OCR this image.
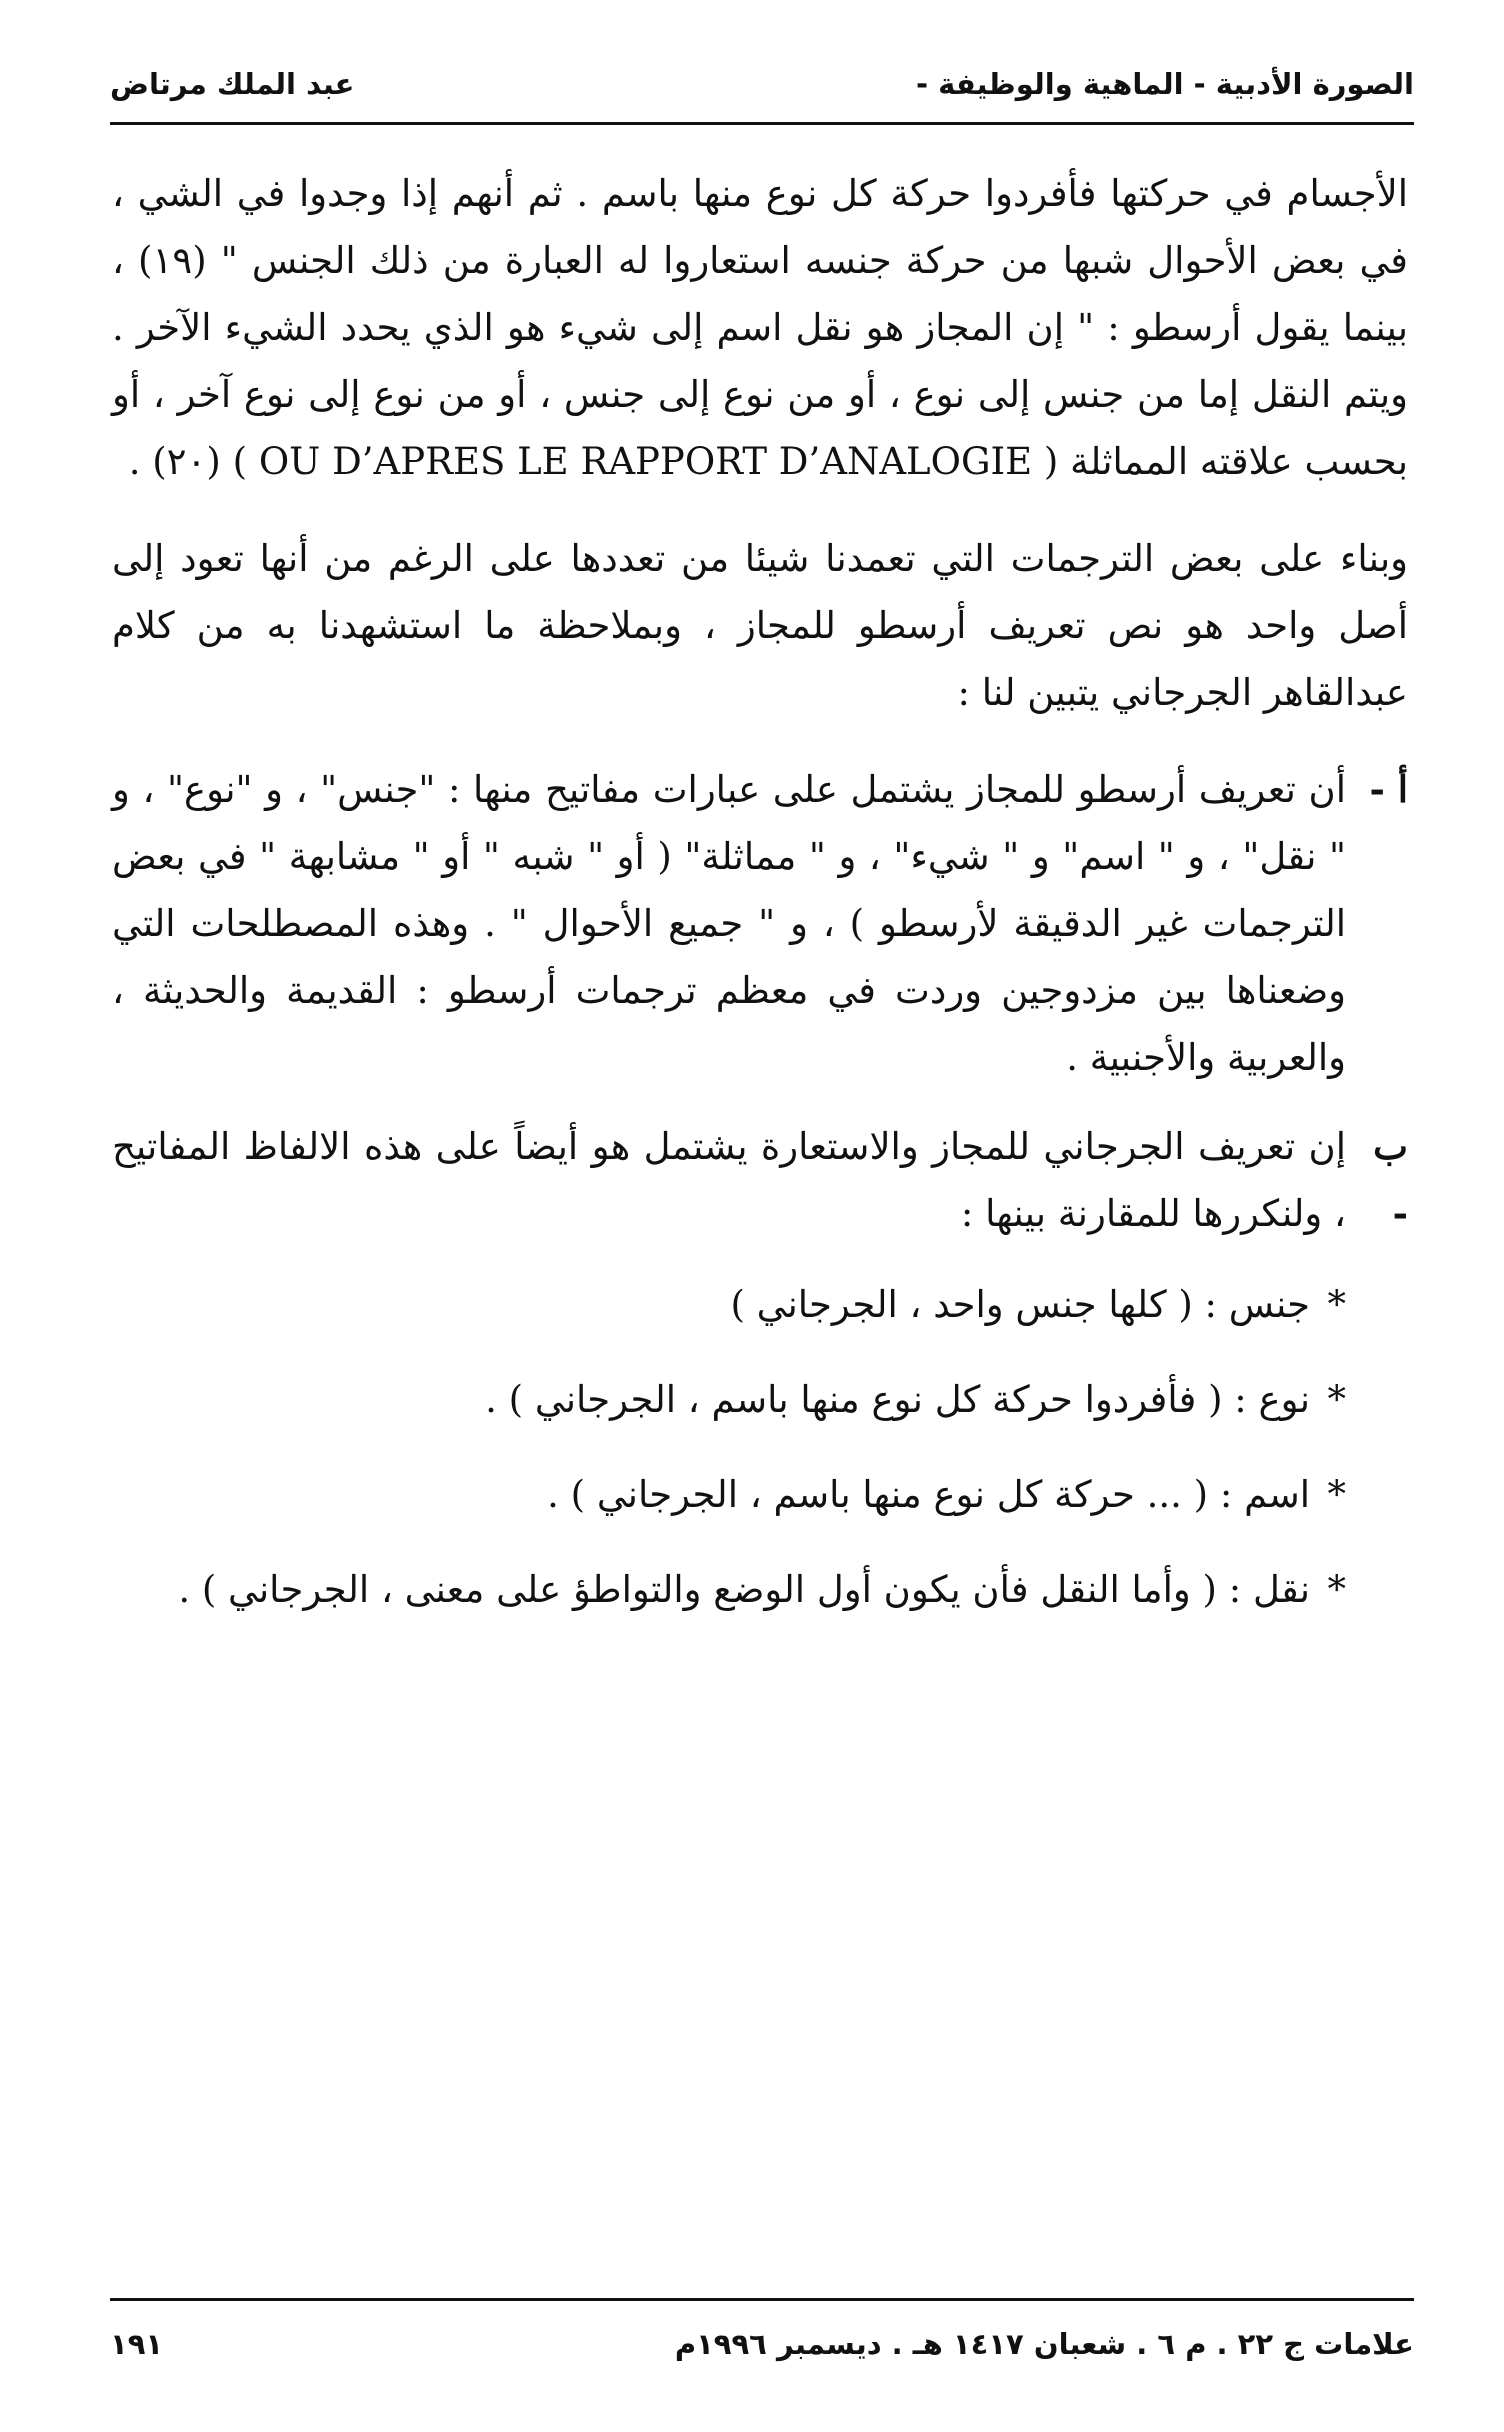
عبد الملك مرتاض	الصورة الأدبية - الماهية والوظيفة -

الأجسام في حركتها فأفردوا حركة كل نوع منها باسم . ثم أنهم إذا وجدوا في الشي ، في بعض الأحوال شبها من حركة جنسه استعاروا له العبارة من ذلك الجنس " (١٩) ، بينما يقول أرسطو : " إن المجاز هو نقل اسم إلى شيء هو الذي يحدد الشيء الآخر . ويتم النقل إما من جنس إلى نوع ، أو من نوع إلى جنس ، أو من نوع إلى نوع آخر ، أو بحسب علاقته المماثلة ( OU D’APRES LE RAPPORT D’ANALOGIE ) (٢٠) .

وبناء على بعض الترجمات التي تعمدنا شيئا من تعددها على الرغم من أنها تعود إلى أصل واحد هو نص تعريف أرسطو للمجاز ، وبملاحظة ما استشهدنا به من كلام عبدالقاهر الجرجاني يتبين لنا :

أ -
أن تعريف أرسطو للمجاز يشتمل على عبارات مفاتيح منها : "جنس" ، و "نوع" ، و " نقل" ، و " اسم" و " شيء" ، و " مماثلة" ( أو " شبه " أو " مشابهة " في بعض الترجمات غير الدقيقة لأرسطو ) ، و " جميع الأحوال " . وهذه المصطلحات التي وضعناها بين مزدوجين وردت في معظم ترجمات أرسطو : القديمة والحديثة ، والعربية والأجنبية .
ب -
إن تعريف الجرجاني للمجاز والاستعارة يشتمل هو أيضاً على هذه الالفاظ المفاتيح ، ولنكررها للمقارنة بينها :
*
جنس : ( كلها جنس واحد ، الجرجاني )
*
نوع : ( فأفردوا حركة كل نوع منها باسم ، الجرجاني ) .
*
اسم : ( ... حركة كل نوع منها باسم ، الجرجاني ) .
*
نقل : ( وأما النقل فأن يكون أول الوضع والتواطؤ على معنى ، الجرجاني ) .
١٩١	علامات ج ٢٢ . م ٦ . شعبان ١٤١٧ هـ . ديسمبر ١٩٩٦م
